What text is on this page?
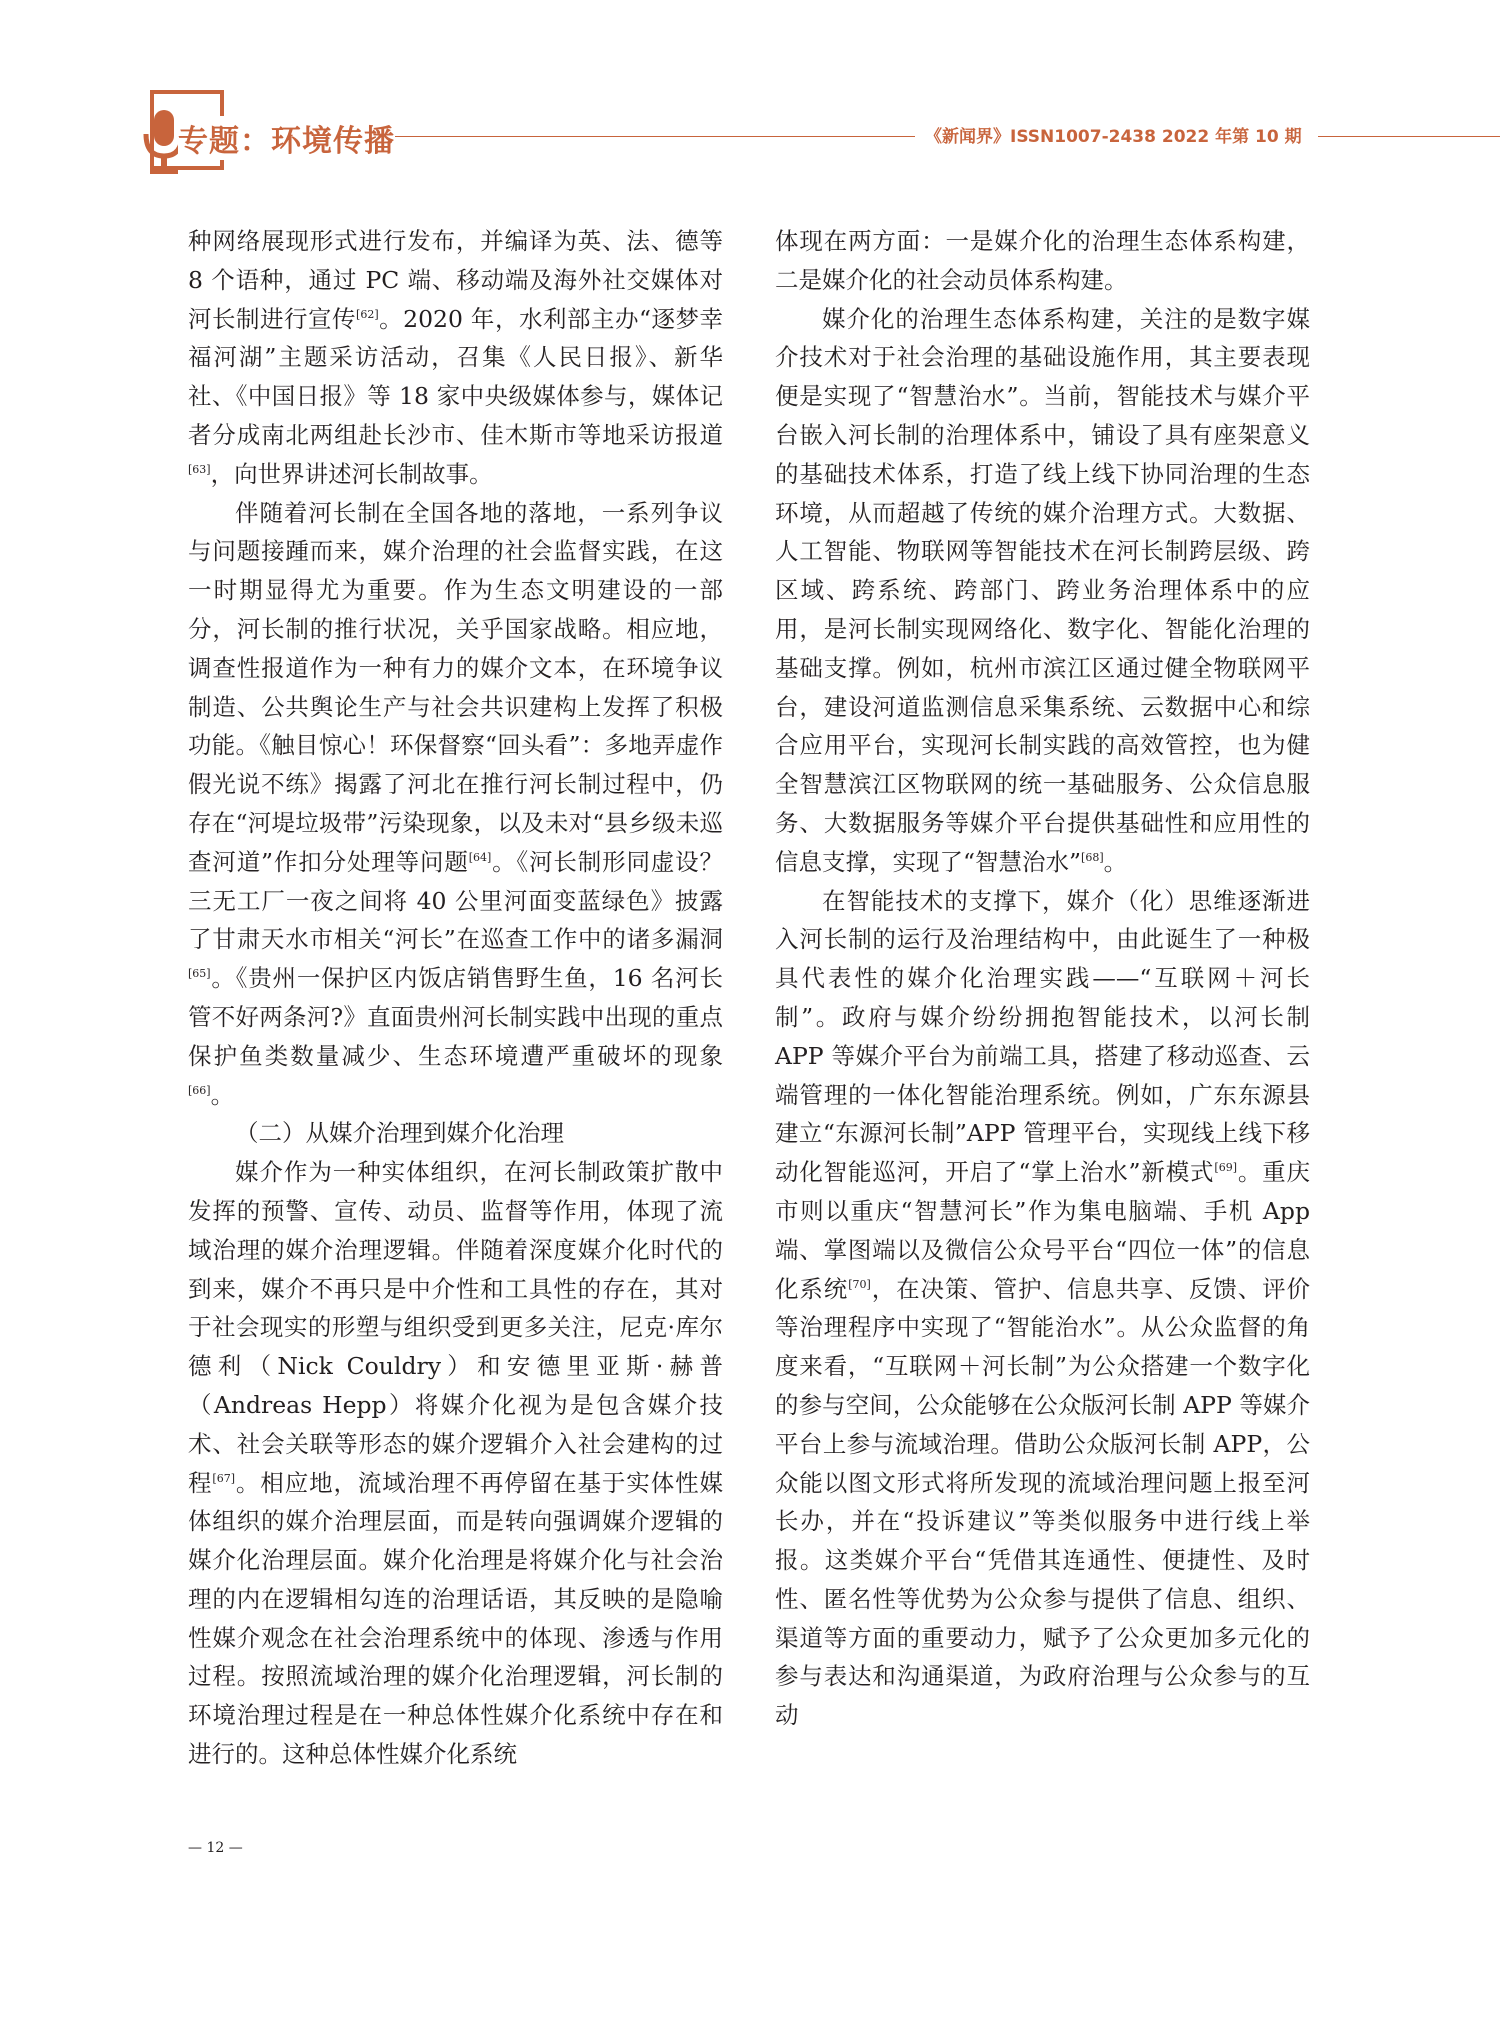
专题：环境传播	《新闻界》ISSN1007-2438 2022 年第 10 期

种网络展现形式进行发布，并编译为英、法、德等 8 个语种，通过 PC 端、移动端及海外社交媒体对河长制进行宣传[62]。2020 年，水利部主办“逐梦幸福河湖”主题采访活动，召集《人民日报》、新华社、《中国日报》等 18 家中央级媒体参与，媒体记者分成南北两组赴长沙市、佳木斯市等地采访报道[63]，向世界讲述河长制故事。

伴随着河长制在全国各地的落地，一系列争议与问题接踵而来，媒介治理的社会监督实践，在这一时期显得尤为重要。作为生态文明建设的一部分，河长制的推行状况，关乎国家战略。相应地，调查性报道作为一种有力的媒介文本，在环境争议制造、公共舆论生产与社会共识建构上发挥了积极功能。《触目惊心！环保督察“回头看”：多地弄虚作假光说不练》揭露了河北在推行河长制过程中，仍存在“河堤垃圾带”污染现象，以及未对“县乡级未巡查河道”作扣分处理等问题[64]。《河长制形同虚设？三无工厂一夜之间将 40 公里河面变蓝绿色》披露了甘肃天水市相关“河长”在巡查工作中的诸多漏洞[65]。《贵州一保护区内饭店销售野生鱼，16 名河长管不好两条河?》直面贵州河长制实践中出现的重点保护鱼类数量减少、生态环境遭严重破坏的现象[66]。

（二）从媒介治理到媒介化治理

媒介作为一种实体组织，在河长制政策扩散中发挥的预警、宣传、动员、监督等作用，体现了流域治理的媒介治理逻辑。伴随着深度媒介化时代的到来，媒介不再只是中介性和工具性的存在，其对于社会现实的形塑与组织受到更多关注，尼克·库尔德利（Nick Couldry）和安德里亚斯·赫普（Andreas Hepp）将媒介化视为是包含媒介技术、社会关联等形态的媒介逻辑介入社会建构的过程[67]。相应地，流域治理不再停留在基于实体性媒体组织的媒介治理层面，而是转向强调媒介逻辑的媒介化治理层面。媒介化治理是将媒介化与社会治理的内在逻辑相勾连的治理话语，其反映的是隐喻性媒介观念在社会治理系统中的体现、渗透与作用过程。按照流域治理的媒介化治理逻辑，河长制的环境治理过程是在一种总体性媒介化系统中存在和进行的。这种总体性媒介化系统

体现在两方面：一是媒介化的治理生态体系构建，二是媒介化的社会动员体系构建。

媒介化的治理生态体系构建，关注的是数字媒介技术对于社会治理的基础设施作用，其主要表现便是实现了“智慧治水”。当前，智能技术与媒介平台嵌入河长制的治理体系中，铺设了具有座架意义的基础技术体系，打造了线上线下协同治理的生态环境，从而超越了传统的媒介治理方式。大数据、人工智能、物联网等智能技术在河长制跨层级、跨区域、跨系统、跨部门、跨业务治理体系中的应用，是河长制实现网络化、数字化、智能化治理的基础支撑。例如，杭州市滨江区通过健全物联网平台，建设河道监测信息采集系统、云数据中心和综合应用平台，实现河长制实践的高效管控，也为健全智慧滨江区物联网的统一基础服务、公众信息服务、大数据服务等媒介平台提供基础性和应用性的信息支撑，实现了“智慧治水”[68]。

在智能技术的支撑下，媒介（化）思维逐渐进入河长制的运行及治理结构中，由此诞生了一种极具代表性的媒介化治理实践——“互联网＋河长制”。政府与媒介纷纷拥抱智能技术，以河长制 APP 等媒介平台为前端工具，搭建了移动巡查、云端管理的一体化智能治理系统。例如，广东东源县建立“东源河长制”APP 管理平台，实现线上线下移动化智能巡河，开启了“掌上治水”新模式[69]。重庆市则以重庆“智慧河长”作为集电脑端、手机 App 端、掌图端以及微信公众号平台“四位一体”的信息化系统[70]，在决策、管护、信息共享、反馈、评价等治理程序中实现了“智能治水”。从公众监督的角度来看，“互联网＋河长制”为公众搭建一个数字化的参与空间，公众能够在公众版河长制 APP 等媒介平台上参与流域治理。借助公众版河长制 APP，公众能以图文形式将所发现的流域治理问题上报至河长办，并在“投诉建议”等类似服务中进行线上举报。这类媒介平台“凭借其连通性、便捷性、及时性、匿名性等优势为公众参与提供了信息、组织、渠道等方面的重要动力，赋予了公众更加多元化的参与表达和沟通渠道，为政府治理与公众参与的互动

— 12 —
